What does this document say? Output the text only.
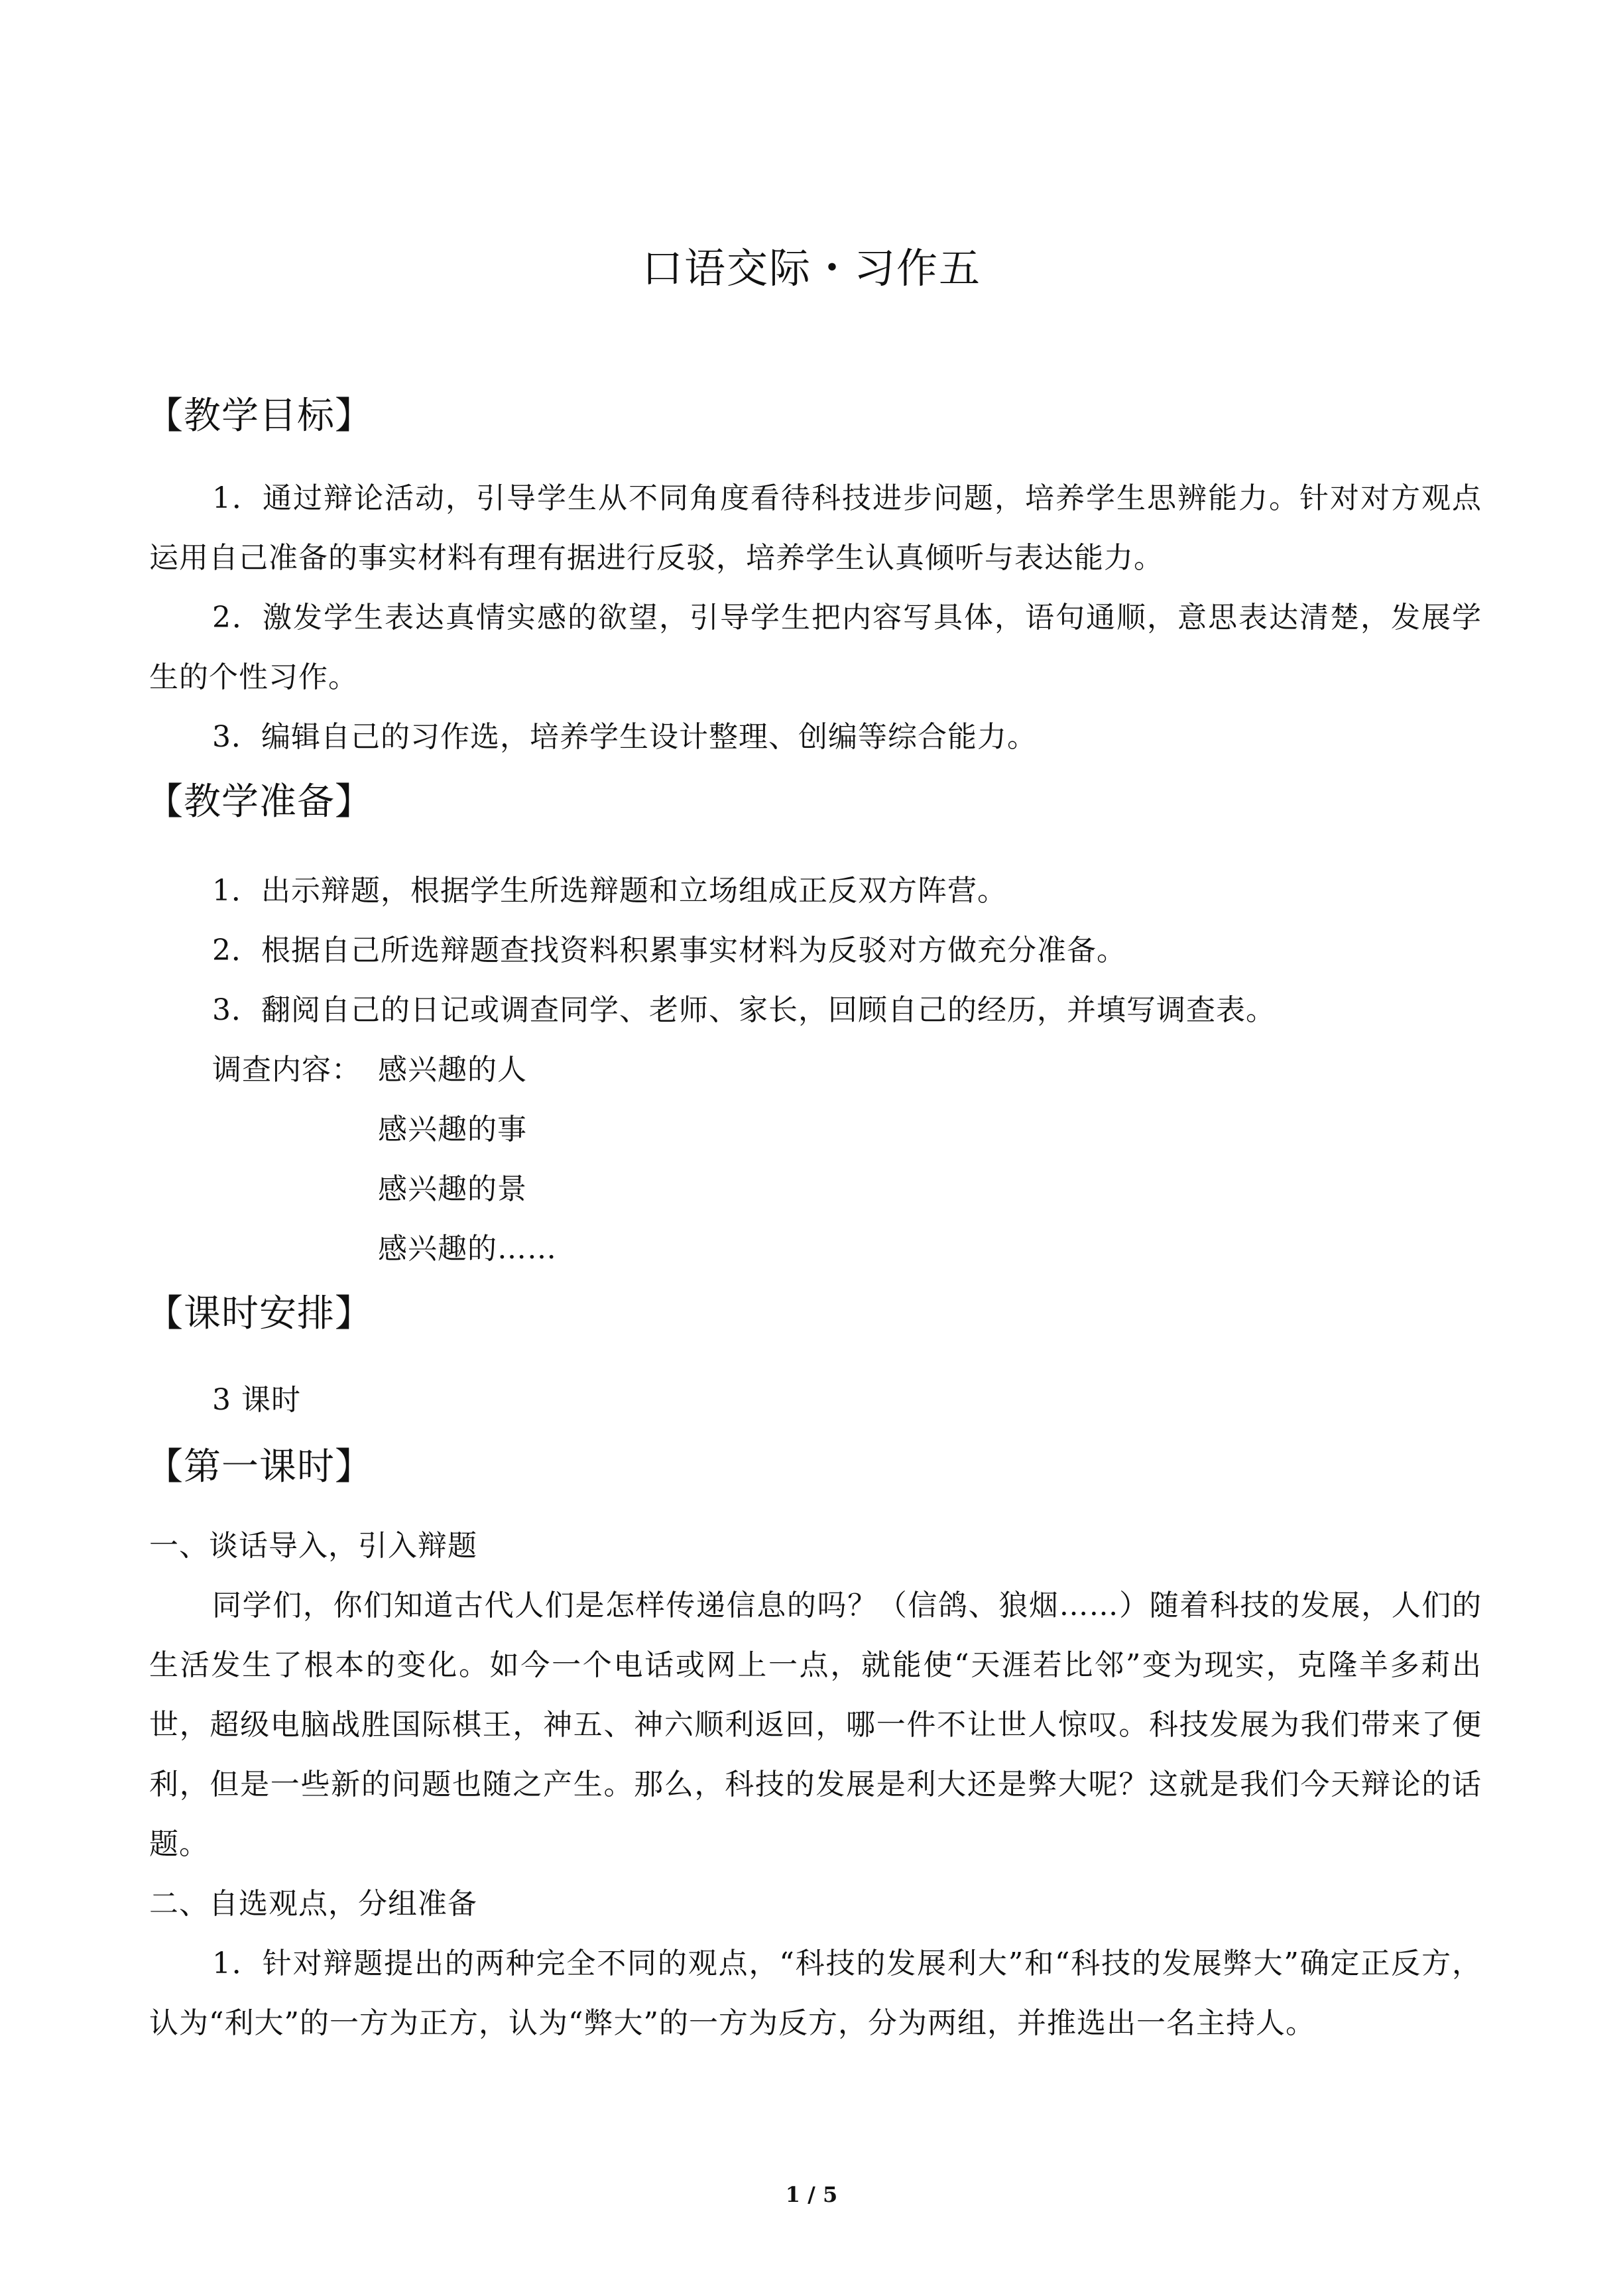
口语交际・习作五
【教学目标】

1．通过辩论活动，引导学生从不同角度看待科技进步问题，培养学生思辨能力。针对对方观点运用自己准备的事实材料有理有据进行反驳，培养学生认真倾听与表达能力。

2．激发学生表达真情实感的欲望，引导学生把内容写具体，语句通顺，意思表达清楚，发展学生的个性习作。

3．编辑自己的习作选，培养学生设计整理、创编等综合能力。

【教学准备】
1．出示辩题，根据学生所选辩题和立场组成正反双方阵营。
2．根据自己所选辩题查找资料积累事实材料为反驳对方做充分准备。
3．翻阅自己的日记或调查同学、老师、家长，回顾自己的经历，并填写调查表。
调查内容： 感兴趣的人
感兴趣的事
感兴趣的景
感兴趣的……
【课时安排】
3 课时
【第一课时】
一、谈话导入，引入辩题

同学们，你们知道古代人们是怎样传递信息的吗？（信鸽、狼烟……）随着科技的发展，人们的生活发生了根本的变化。如今一个电话或网上一点，就能使“天涯若比邻”变为现实，克隆羊多莉出世，超级电脑战胜国际棋王，神五、神六顺利返回，哪一件不让世人惊叹。科技发展为我们带来了便利，但是一些新的问题也随之产生。那么，科技的发展是利大还是弊大呢？这就是我们今天辩论的话题。

二、自选观点，分组准备

1．针对辩题提出的两种完全不同的观点，“科技的发展利大”和“科技的发展弊大”确定正反方，认为“利大”的一方为正方，认为“弊大”的一方为反方，分为两组，并推选出一名主持人。

1 / 5
